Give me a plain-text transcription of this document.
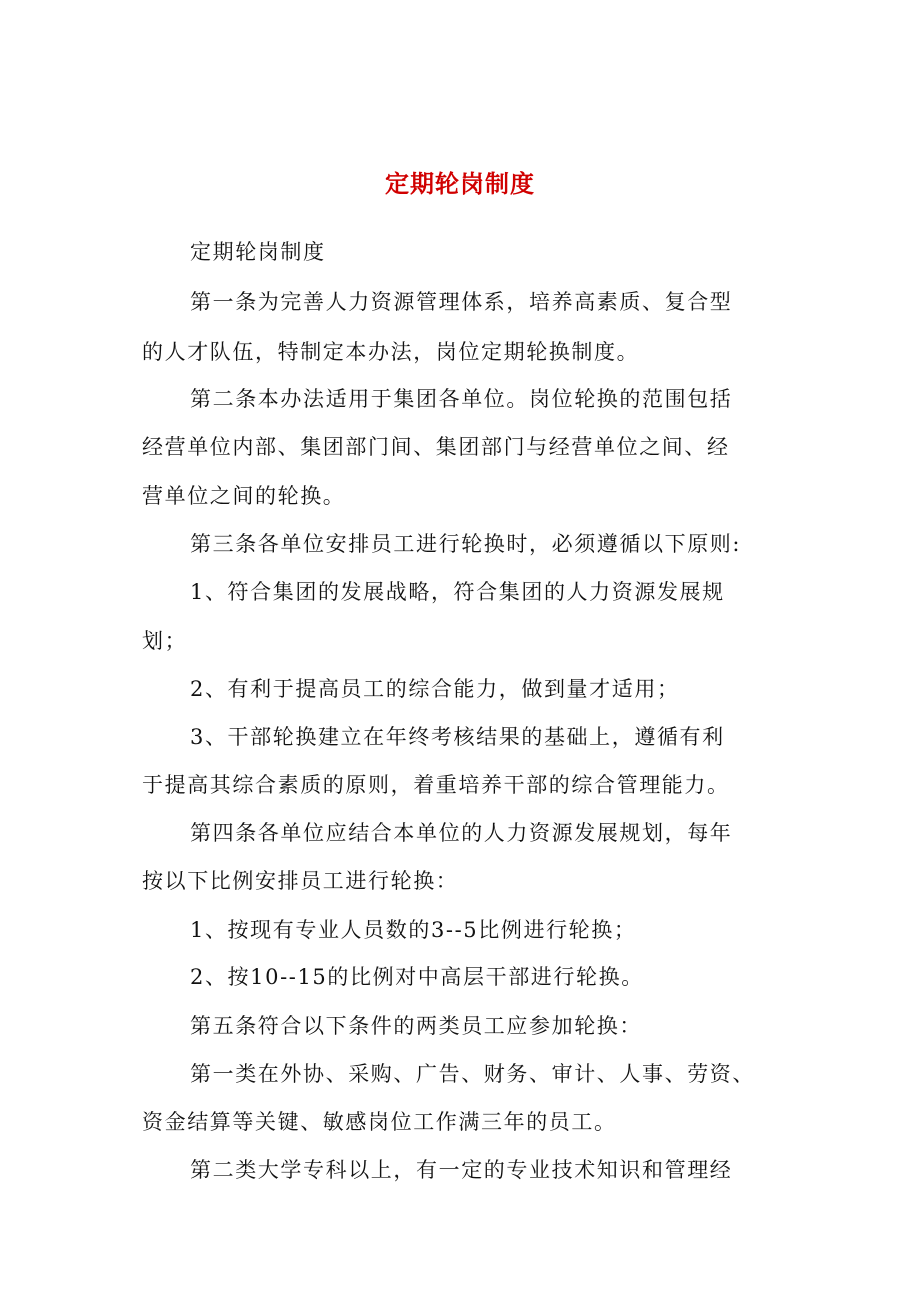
定期轮岗制度
定期轮岗制度
第一条为完善人力资源管理体系，培养高素质、复合型
的人才队伍，特制定本办法，岗位定期轮换制度。
第二条本办法适用于集团各单位。岗位轮换的范围包括
经营单位内部、集团部门间、集团部门与经营单位之间、经
营单位之间的轮换。
第三条各单位安排员工进行轮换时，必须遵循以下原则:
1、符合集团的发展战略，符合集团的人力资源发展规
划；
2、有利于提高员工的综合能力，做到量才适用；
3、干部轮换建立在年终考核结果的基础上，遵循有利
于提高其综合素质的原则，着重培养干部的综合管理能力。
第四条各单位应结合本单位的人力资源发展规划，每年
按以下比例安排员工进行轮换：
1、按现有专业人员数的3--5比例进行轮换；
2、按10--15的比例对中高层干部进行轮换。
第五条符合以下条件的两类员工应参加轮换：
第一类在外协、采购、广告、财务、审计、人事、劳资、
资金结算等关键、敏感岗位工作满三年的员工。
第二类大学专科以上，有一定的专业技术知识和管理经
